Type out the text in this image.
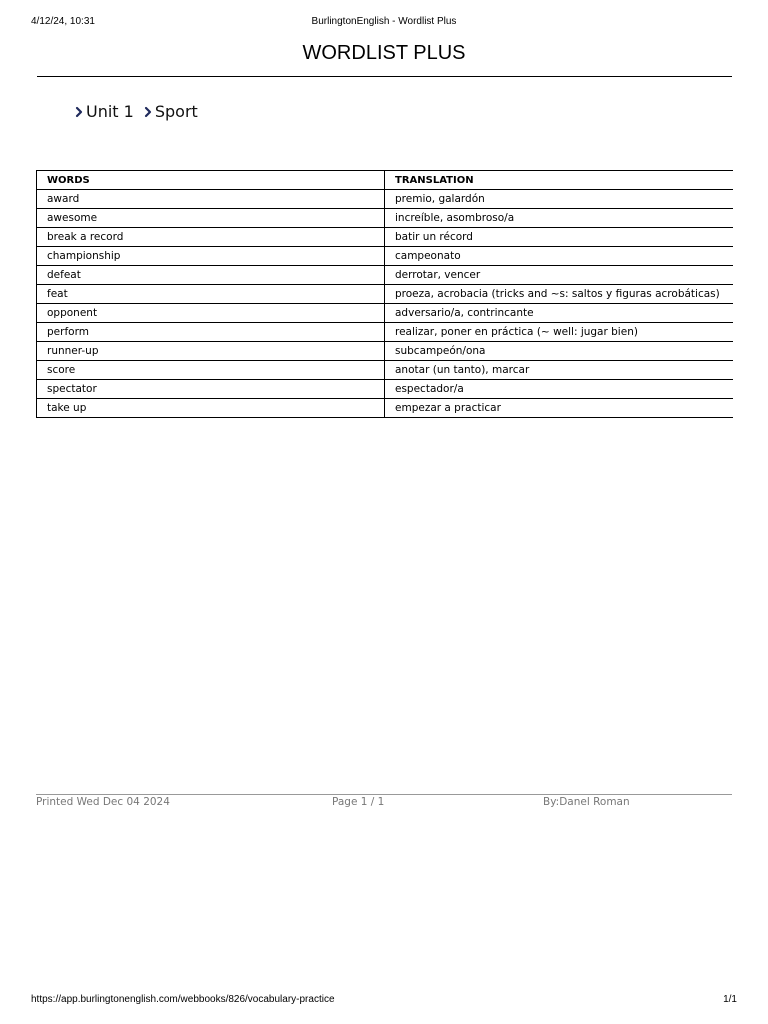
4/12/24, 10:31	BurlingtonEnglish - Wordlist Plus
WORDLIST PLUS
Unit 1 Sport
WORDS	TRANSLATION
award	premio, galardón
awesome	increíble, asombroso/a
break a record	batir un récord
championship	campeonato
defeat	derrotar, vencer
feat	proeza, acrobacia (tricks and ~s: saltos y figuras acrobáticas)
opponent	adversario/a, contrincante
perform	realizar, poner en práctica (~ well: jugar bien)
runner-up	subcampeón/ona
score	anotar (un tanto), marcar
spectator	espectador/a
take up	empezar a practicar
Printed Wed Dec 04 2024	Page 1 / 1	By:Danel Roman
https://app.burlingtonenglish.com/webbooks/826/vocabulary-practice	1/1
